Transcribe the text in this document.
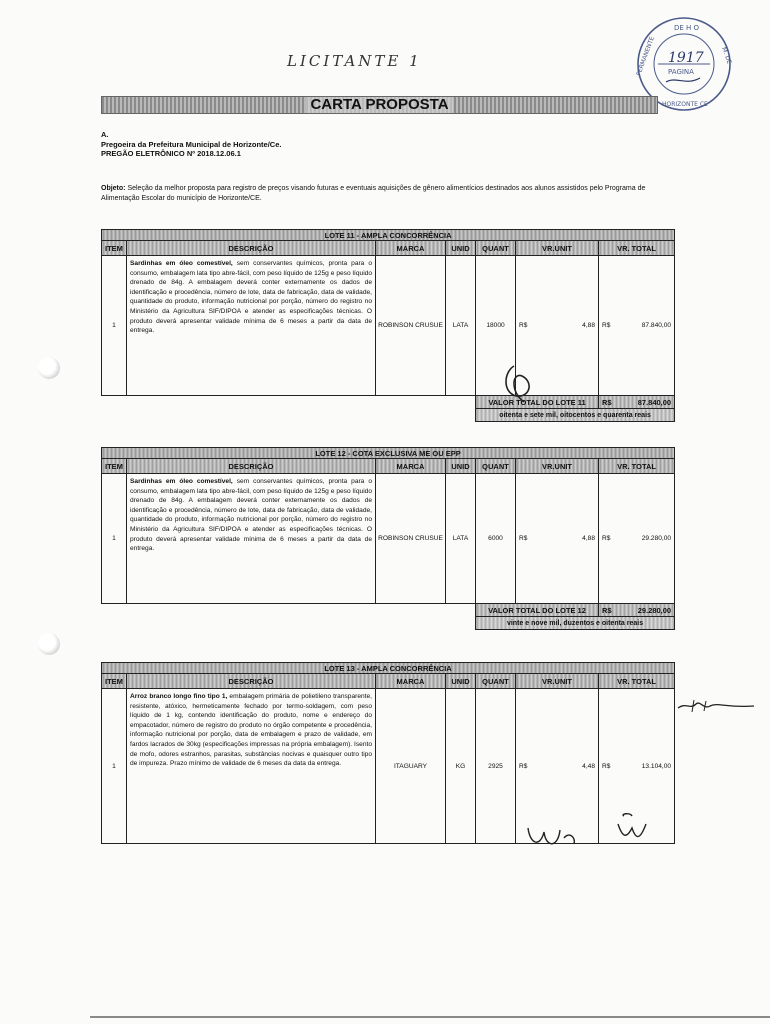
LICITANTE 1
DE H O
PERMANENTE	M. DE
HORIZONTE CE
1917
PAGINA
CARTA PROPOSTA
A.
Pregoeira da Prefeitura Municipal de Horizonte/Ce.
PREGÃO ELETRÔNICO Nº 2018.12.06.1
Objeto: Seleção da melhor proposta para registro de preços visando futuras e eventuais aquisições de gênero alimentícios destinados aos alunos assistidos pelo Programa de Alimentação Escolar do município de Horizonte/CE.
LOTE 11 - AMPLA CONCORRÊNCIA						
ITEM	DESCRIÇÃO	MARCA	UNID	QUANT	VR.UNIT	VR. TOTAL
1	Sardinhas em óleo comestível, sem conservantes químicos, pronta para o consumo, embalagem lata tipo abre-fácil, com peso líquido de 125g e peso líquido drenado de 84g. A embalagem deverá conter externamente os dados de identificação e procedência, número de lote, data de fabricação, data de validade, quantidade do produto, informação nutricional por porção, número do registro no Ministério da Agricultura SIF/DIPOA e atender as especificações técnicas. O produto deverá apresentar validade mínima de 6 meses a partir da data de entrega.	ROBINSON CRUSUE	LATA	18000	R$ 4,88	R$ 87.840,00

				VALOR TOTAL DO LOTE 11		R$ 87.840,00

				oitenta e sete mil, oitocentos e quarenta reais		
LOTE 12 - COTA EXCLUSIVA ME OU EPP						
ITEM	DESCRIÇÃO	MARCA	UNID	QUANT	VR.UNIT	VR. TOTAL
1	Sardinhas em óleo comestível, sem conservantes químicos, pronta para o consumo, embalagem lata tipo abre-fácil, com peso líquido de 125g e peso líquido drenado de 84g. A embalagem deverá conter externamente os dados de identificação e procedência, número de lote, data de fabricação, data de validade, quantidade do produto, informação nutricional por porção, número do registro no Ministério da Agricultura SIF/DIPOA e atender as especificações técnicas. O produto deverá apresentar validade mínima de 6 meses a partir da data de entrega.	ROBINSON CRUSUE	LATA	6000	R$ 4,88	R$ 29.280,00

				VALOR TOTAL DO LOTE 12		R$ 29.280,00

				vinte e nove mil, duzentos e oitenta reais		
LOTE 13 - AMPLA CONCORRÊNCIA						
ITEM	DESCRIÇÃO	MARCA	UNID	QUANT	VR.UNIT	VR. TOTAL
1	Arroz branco longo fino tipo 1, embalagem primária de polietileno transparente, resistente, atóxico, hermeticamente fechado por termo-soldagem, com peso líquido de 1 kg, contendo identificação do produto, nome e endereço do empacotador, número de registro do produto no órgão competente e procedência, informação nutricional por porção, data de embalagem e prazo de validade, em fardos lacrados de 30kg (especificações impressas na própria embalagem). Isento de mofo, odores estranhos, parasitas, substâncias nocivas e quaisquer outro tipo de impureza. Prazo mínimo de validade de 6 meses da data da entrega.	ITAGUARY	KG	2925	R$ 4,48	R$ 13.104,00
